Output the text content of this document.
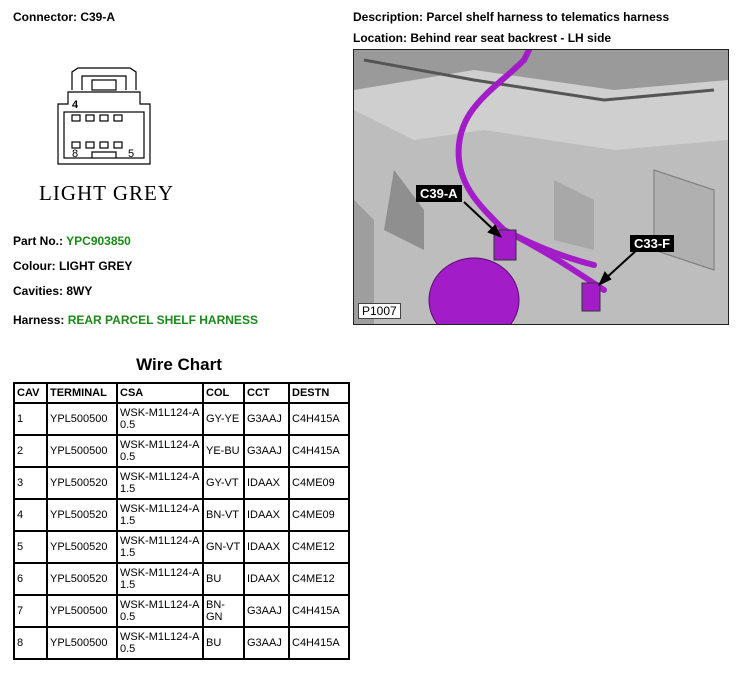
Connector: C39-A
4
8	5
LIGHT GREY
Part No.: YPC903850
Colour: LIGHT GREY
Cavities: 8WY
Harness: REAR PARCEL SHELF HARNESS
Description: Parcel shelf harness to telematics harness
Location: Behind rear seat backrest - LH side
C39-A
C33-F
P1007
Wire Chart
CAV	TERMINAL	CSA	COL	CCT	DESTN
1	YPL500500	WSK-M1L124-A 0.5	GY-YE	G3AAJ	C4H415A
2	YPL500500	WSK-M1L124-A 0.5	YE-BU	G3AAJ	C4H415A
3	YPL500520	WSK-M1L124-A 1.5	GY-VT	IDAAX	C4ME09
4	YPL500520	WSK-M1L124-A 1.5	BN-VT	IDAAX	C4ME09
5	YPL500520	WSK-M1L124-A 1.5	GN-VT	IDAAX	C4ME12
6	YPL500520	WSK-M1L124-A 1.5	BU	IDAAX	C4ME12
7	YPL500500	WSK-M1L124-A 0.5	BN-GN	G3AAJ	C4H415A
8	YPL500500	WSK-M1L124-A 0.5	BU	G3AAJ	C4H415A
